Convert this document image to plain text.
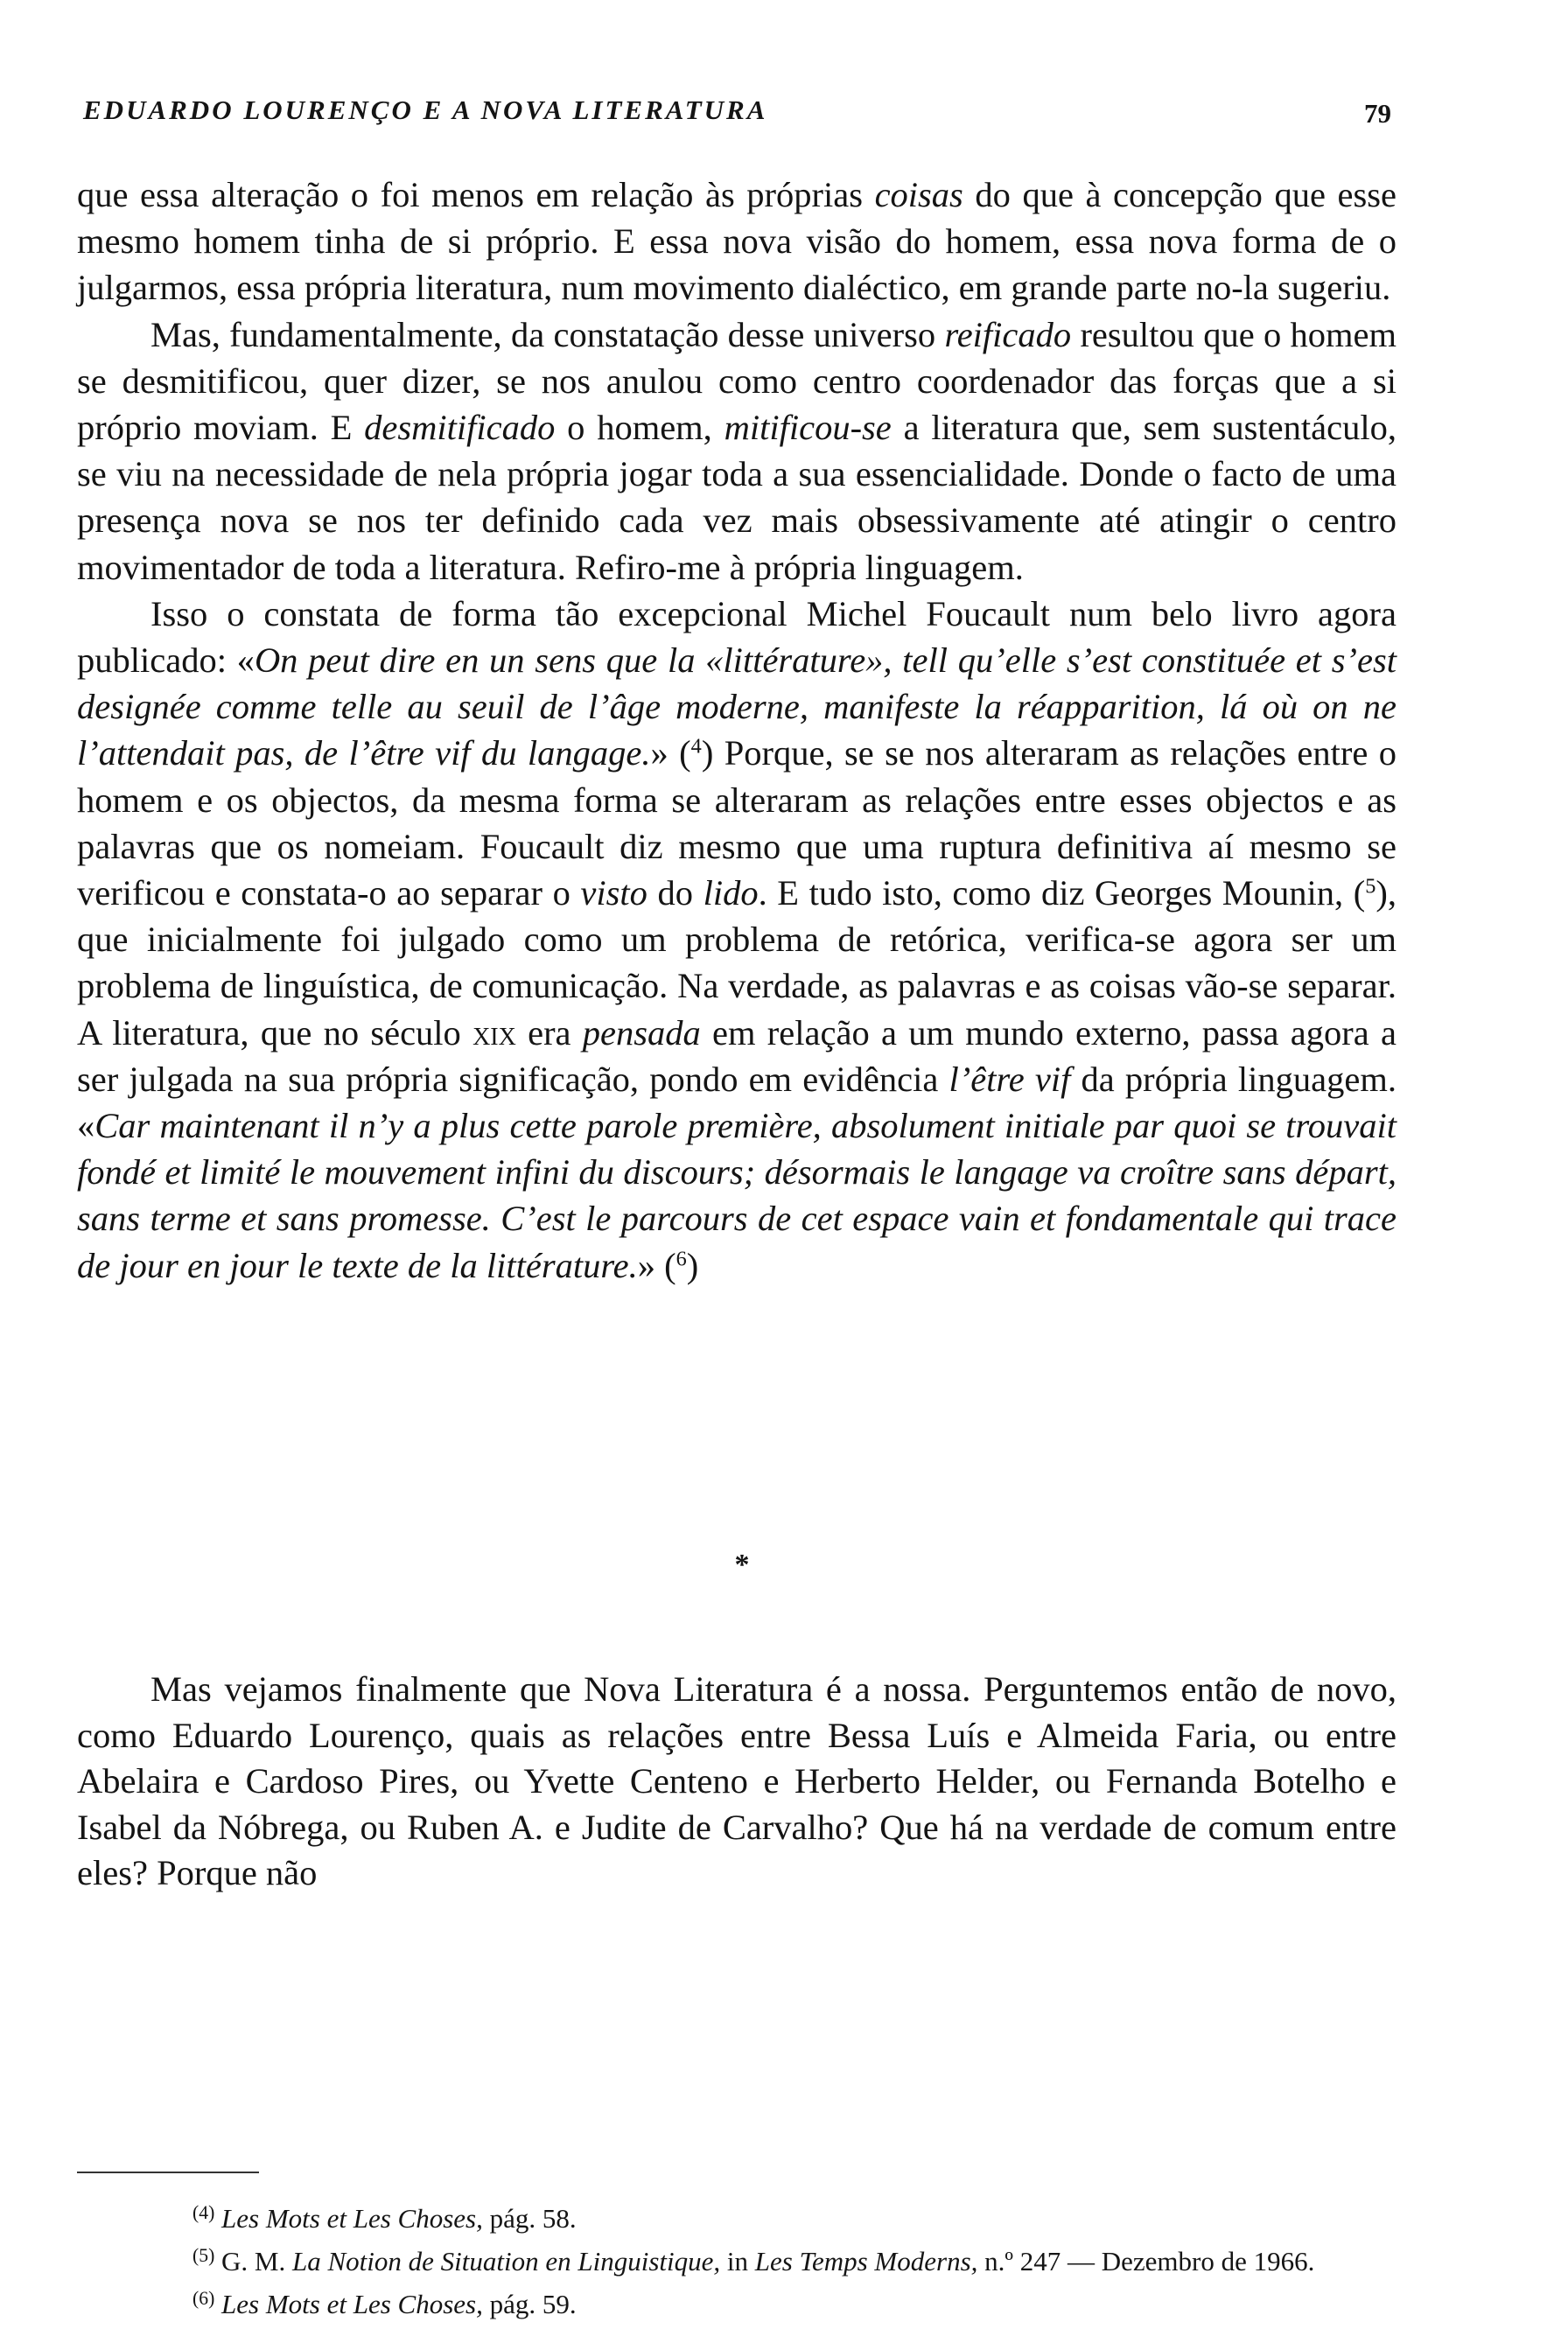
EDUARDO LOURENÇO E A NOVA LITERATURA	79

que essa alteração o foi menos em relação às próprias coisas do que à concepção que esse mesmo homem tinha de si próprio. E essa nova visão do homem, essa nova forma de o julgarmos, essa própria literatura, num movimento dialéctico, em grande parte no-la sugeriu.

Mas, fundamentalmente, da constatação desse universo reificado resultou que o homem se desmitificou, quer dizer, se nos anulou como centro coordenador das forças que a si próprio moviam. E desmitificado o homem, mitificou-se a literatura que, sem sustentáculo, se viu na necessidade de nela própria jogar toda a sua essencialidade. Donde o facto de uma presença nova se nos ter definido cada vez mais obsessivamente até atingir o centro movimentador de toda a literatura. Refiro-me à própria linguagem.

Isso o constata de forma tão excepcional Michel Foucault num belo livro agora publicado: «On peut dire en un sens que la «littérature», tell qu’elle s’est constituée et s’est designée comme telle au seuil de l’âge moderne, manifeste la réapparition, lá où on ne l’attendait pas, de l’être vif du langage.» ($^4$) Porque, se se nos alteraram as relações entre o homem e os objectos, da mesma forma se alteraram as relações entre esses objectos e as palavras que os nomeiam. Foucault diz mesmo que uma ruptura definitiva aí mesmo se verificou e constata-o ao separar o visto do lido. E tudo isto, como diz Georges Mounin, ($^5$), que inicialmente foi julgado como um problema de retórica, verifica-se agora ser um problema de linguística, de comunicação. Na verdade, as palavras e as coisas vão-se separar. A literatura, que no século xix era pensada em relação a um mundo externo, passa agora a ser julgada na sua própria significação, pondo em evidência l’être vif da própria linguagem. «Car maintenant il n’y a plus cette parole première, absolument initiale par quoi se trouvait fondé et limité le mouvement infini du discours; désormais le langage va croître sans départ, sans terme et sans promesse. C’est le parcours de cet espace vain et fondamentale qui trace de jour en jour le texte de la littérature.» ($^6$)

*

Mas vejamos finalmente que Nova Literatura é a nossa. Perguntemos então de novo, como Eduardo Lourenço, quais as relações entre Bessa Luís e Almeida Faria, ou entre Abelaira e Cardoso Pires, ou Yvette Centeno e Herberto Helder, ou Fernanda Botelho e Isabel da Nóbrega, ou Ruben A. e Judite de Carvalho? Que há na verdade de comum entre eles? Porque não

$^{(4)}$ Les Mots et Les Choses, pág. 58.

$^{(5)}$ G. M. La Notion de Situation en Linguistique, in Les Temps Moderns, n.º 247 — Dezembro de 1966.

$^{(6)}$ Les Mots et Les Choses, pág. 59.
